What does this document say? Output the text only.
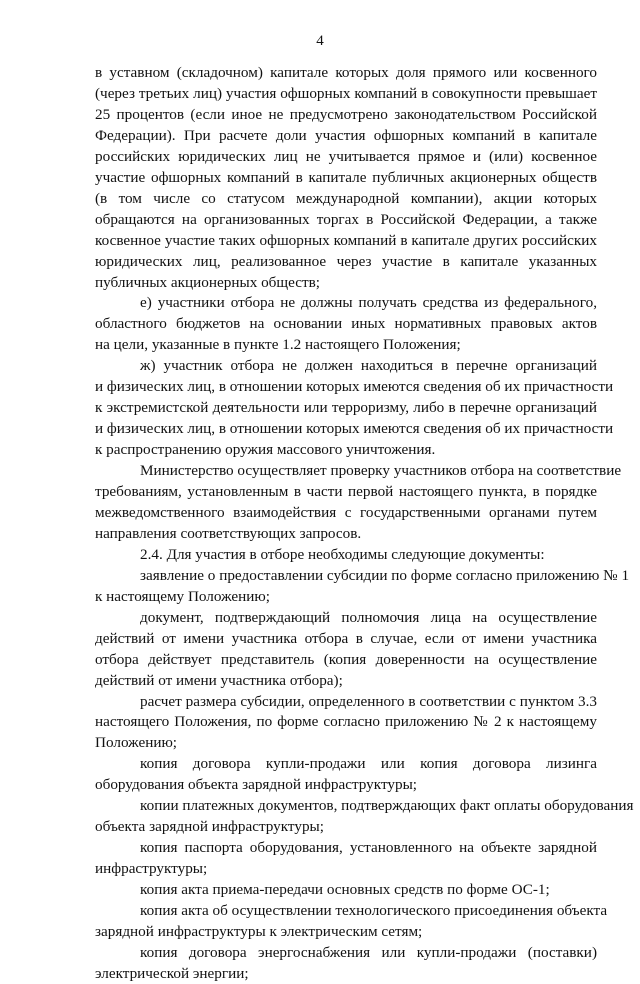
4
в уставном (складочном) капитале которых доля прямого или косвенного
(через третьих лиц) участия офшорных компаний в совокупности превышает
25 процентов (если иное не предусмотрено законодательством Российской
Федерации). При расчете доли участия офшорных компаний в капитале
российских юридических лиц не учитывается прямое и (или) косвенное
участие офшорных компаний в капитале публичных акционерных обществ
(в том числе со статусом международной компании), акции которых
обращаются на организованных торгах в Российской Федерации, а также
косвенное участие таких офшорных компаний в капитале других российских
юридических лиц, реализованное через участие в капитале указанных
публичных акционерных обществ;
е) участники отбора не должны получать средства из федерального,
областного бюджетов на основании иных нормативных правовых актов
на цели, указанные в пункте 1.2 настоящего Положения;
ж) участник отбора не должен находиться в перечне организаций
и физических лиц, в отношении которых имеются сведения об их причастности
к экстремистской деятельности или терроризму, либо в перечне организаций
и физических лиц, в отношении которых имеются сведения об их причастности
к распространению оружия массового уничтожения.
Министерство осуществляет проверку участников отбора на соответствие
требованиям, установленным в части первой настоящего пункта, в порядке
межведомственного взаимодействия с государственными органами путем
направления соответствующих запросов.
2.4. Для участия в отборе необходимы следующие документы:
заявление о предоставлении субсидии по форме согласно приложению № 1
к настоящему Положению;
документ, подтверждающий полномочия лица на осуществление
действий от имени участника отбора в случае, если от имени участника
отбора действует представитель (копия доверенности на осуществление
действий от имени участника отбора);
расчет размера субсидии, определенного в соответствии с пунктом 3.3
настоящего Положения, по форме согласно приложению № 2 к настоящему
Положению;
копия договора купли-продажи или копия договора лизинга
оборудования объекта зарядной инфраструктуры;
копии платежных документов, подтверждающих факт оплаты оборудования
объекта зарядной инфраструктуры;
копия паспорта оборудования, установленного на объекте зарядной
инфраструктуры;
копия акта приема-передачи основных средств по форме ОС-1;
копия акта об осуществлении технологического присоединения объекта
зарядной инфраструктуры к электрическим сетям;
копия договора энергоснабжения или купли-продажи (поставки)
электрической энергии;
